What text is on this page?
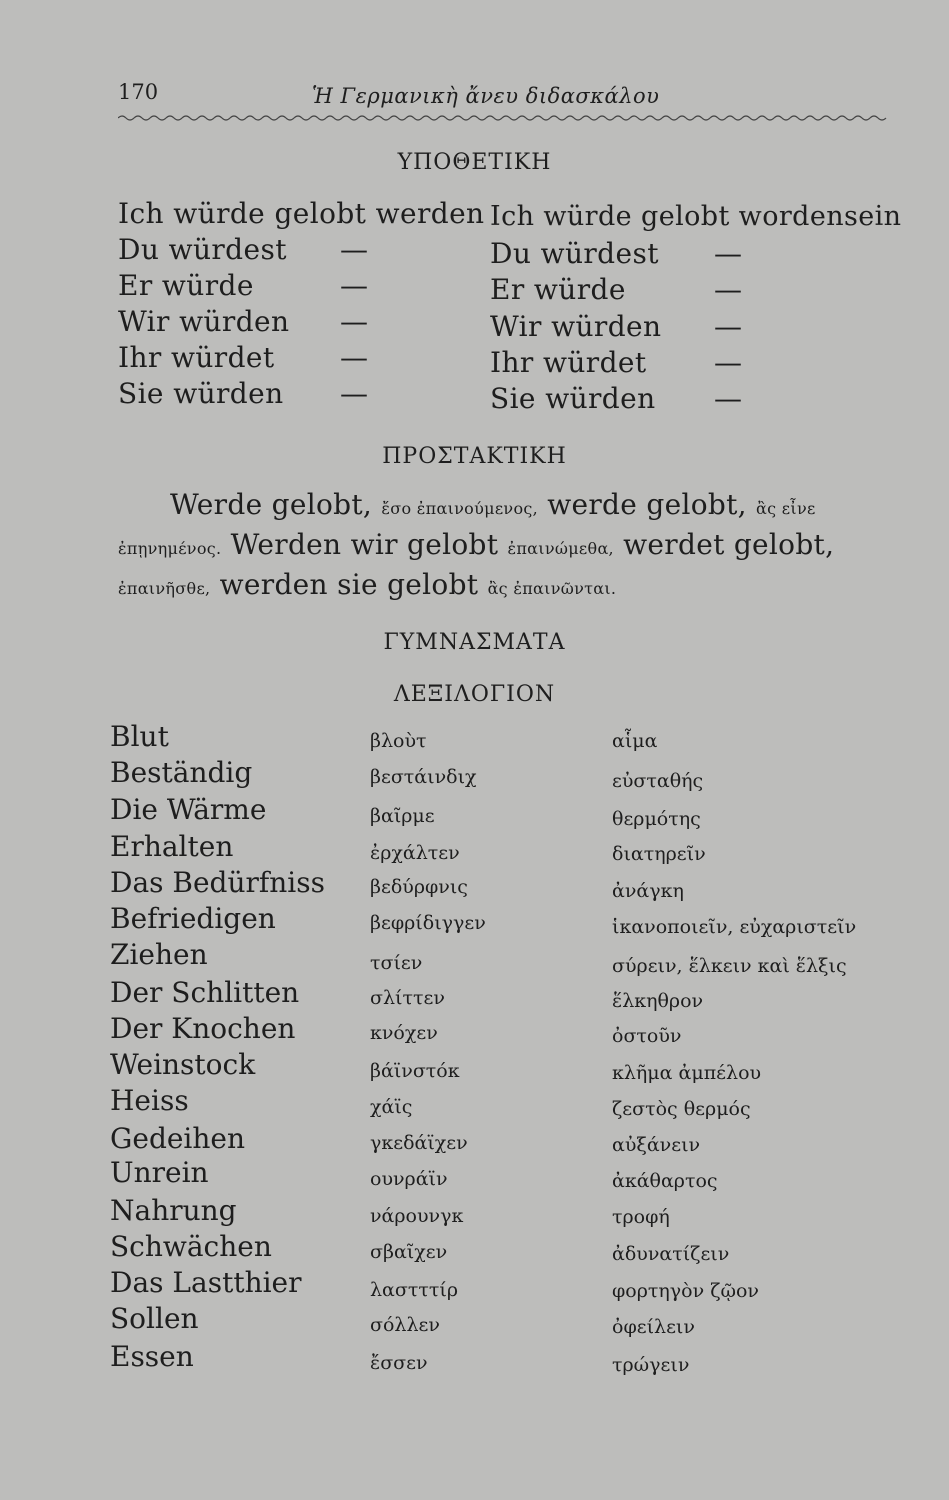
170	Ἡ Γερμανικὴ ἄνευ διδασκάλου
ΥΠΟΘΕΤΙΚΗ
Ich würde gelobt werden
Du würdest —
Er würde	—
Wir würden —
Ihr würdet —
Sie würden —
Ich würde gelobt wordensein
Du würdest —
Er würde	—
Wir würden —
Ihr würdet —
Sie würden —
ΠΡΟΣΤΑΚΤΙΚΗ
Werde gelobt, ἔσο ἐπαινούμενος, werde gelobt, ἂς εἶνε
ἐπῃνημένος. Werden wir gelobt ἐπαινώμεθα, werdet gelobt,
ἐπαινῆσθε, werden sie gelobt ἂς ἐπαινῶνται.
ΓΥΜΝΑΣΜΑΤΑ
ΛΕΞΙΛΟΓΙΟΝ
Blut	βλοὺτ	αἷμα
Beständig	βεστάινδιχ	εὐσταθής
Die Wärme	βαῖρμε	θερμότης
Erhalten	ἐρχάλτεν	διατηρεῖν
Das Bedürfniss βεδύρφνις	ἀνάγκη
Befriedigen	βεφρίδιγγεν	ἱκανοποιεῖν, εὐχαριστεῖν
Ziehen	τσίεν	σύρειν, ἕλκειν καὶ ἕλξις
Der Schlitten	σλίττεν	ἕλκηθρον
Der Knochen	κνόχεν	ὀστοῦν
Weinstock	βάϊνστόκ	κλῆμα ἀμπέλου
Heiss	χάϊς	ζεστὸς θερμός
Gedeihen	γκεδάϊχεν	αὐξάνειν
Unrein	ουνράϊν	ἀκάθαρτος
Nahrung	νάρουνγκ	τροφή
Schwächen	σβαῖχεν	ἀδυνατίζειν
Das Lastthier	λαστττίρ	φορτηγὸν ζῷον
Sollen	σόλλεν	ὀφείλειν
Essen	ἔσσεν	τρώγειν
